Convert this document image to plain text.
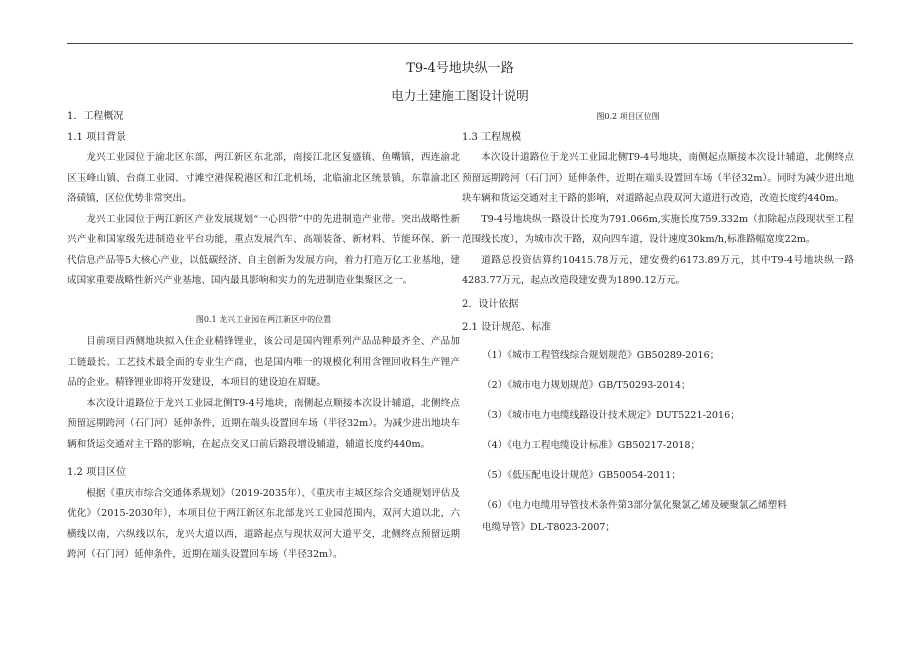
T9-4号地块纵一路
电力土建施工图设计说明
1．工程概况
1.1 项目背景
龙兴工业园位于渝北区东部，两江新区东北部，南接江北区复盛镇、鱼嘴镇，西连渝北区玉峰山镇、台商工业园、寸滩空港保税港区和江北机场，北临渝北区统景镇，东靠渝北区洛碛镇，区位优势非常突出。
龙兴工业园位于两江新区产业发展规划“一心四带”中的先进制造产业带。突出战略性新兴产业和国家级先进制造业平台功能，重点发展汽车、高端装备、新材料、节能环保、新一代信息产品等5大核心产业，以低碳经济、自主创新为发展方向，着力打造万亿工业基地，建成国家重要战略性新兴产业基地、国内最具影响和实力的先进制造业集聚区之一。
图0.1 龙兴工业园在两江新区中的位置
目前项目西侧地块拟入住企业精锋锂业，该公司是国内锂系列产品品种最齐全、产品加工链最长、工艺技术最全面的专业生产商，也是国内唯一的规模化利用含锂回收料生产锂产品的企业。精锋锂业即将开发建设，本项目的建设迫在眉睫。
本次设计道路位于龙兴工业园北侧T9-4号地块，南侧起点顺接本次设计辅道，北侧终点预留远期跨河（石门河）延伸条件，近期在端头设置回车场（半径32m）。为减少进出地块车辆和货运交通对主干路的影响，在起点交叉口前后路段增设辅道，辅道长度约440m。
1.2 项目区位
根据《重庆市综合交通体系规划》（2019-2035年）、《重庆市主城区综合交通规划评估及优化》（2015-2030年），本项目位于两江新区东北部龙兴工业园范围内，双河大道以北，六横线以南，六纵线以东，龙兴大道以西，道路起点与现状双河大道平交，北侧终点预留远期跨河（石门河）延伸条件，近期在端头设置回车场（半径32m）。
图0.2 项目区位图
1.3 工程规模
本次设计道路位于龙兴工业园北侧T9-4号地块，南侧起点顺接本次设计辅道，北侧终点预留远期跨河（石门河）延伸条件，近期在端头设置回车场（半径32m）。同时为减少进出地块车辆和货运交通对主干路的影响，对道路起点段双河大道进行改造，改造长度约440m。
T9-4号地块纵一路设计长度为791.066m,实施长度759.332m（扣除起点段现状至工程范围线长度），为城市次干路，双向四车道，设计速度30km/h,标准路幅宽度22m。
道路总投资估算约10415.78万元，建安费约6173.89万元，其中T9-4号地块纵一路4283.77万元，起点改造段建安费为1890.12万元。
2．设计依据
2.1 设计规范、标准
（1）《城市工程管线综合规划规范》GB50289-2016；
（2）《城市电力规划规范》GB/T50293-2014；
（3）《城市电力电缆线路设计技术规定》DUT5221-2016；
（4）《电力工程电缆设计标准》GB50217-2018；
（5）《低压配电设计规范》GB50054-2011；
（6）《电力电缆用导管技术条件第3部分氯化聚氯乙烯及硬聚氯乙烯塑料
电缆导管》DL-T8023-2007；
